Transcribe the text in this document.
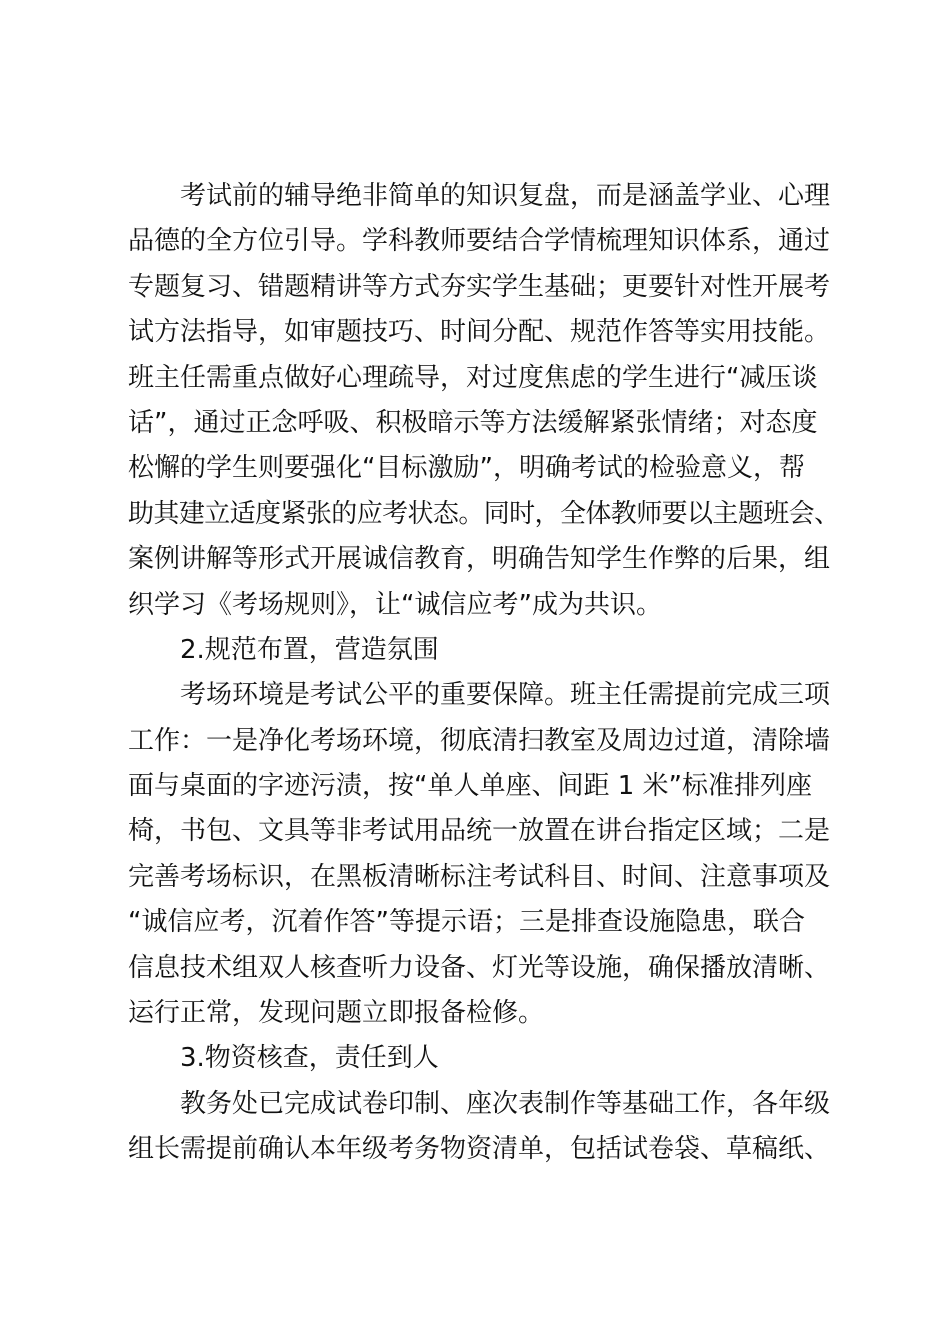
考试前的辅导绝非简单的知识复盘，而是涵盖学业、心理
品德的全方位引导。学科教师要结合学情梳理知识体系，通过
专题复习、错题精讲等方式夯实学生基础；更要针对性开展考
试方法指导，如审题技巧、时间分配、规范作答等实用技能。
班主任需重点做好心理疏导，对过度焦虑的学生进行“减压谈
话”，通过正念呼吸、积极暗示等方法缓解紧张情绪；对态度
松懈的学生则要强化“目标激励”，明确考试的检验意义，帮
助其建立适度紧张的应考状态。同时，全体教师要以主题班会、
案例讲解等形式开展诚信教育，明确告知学生作弊的后果，组
织学习《考场规则》，让“诚信应考”成为共识。
2.规范布置，营造氛围
考场环境是考试公平的重要保障。班主任需提前完成三项
工作：一是净化考场环境，彻底清扫教室及周边过道，清除墙
面与桌面的字迹污渍，按“单人单座、间距 1 米”标准排列座
椅，书包、文具等非考试用品统一放置在讲台指定区域；二是
完善考场标识，在黑板清晰标注考试科目、时间、注意事项及
“诚信应考，沉着作答”等提示语；三是排查设施隐患，联合
信息技术组双人核查听力设备、灯光等设施，确保播放清晰、
运行正常，发现问题立即报备检修。
3.物资核查，责任到人
教务处已完成试卷印制、座次表制作等基础工作，各年级
组长需提前确认本年级考务物资清单，包括试卷袋、草稿纸、
